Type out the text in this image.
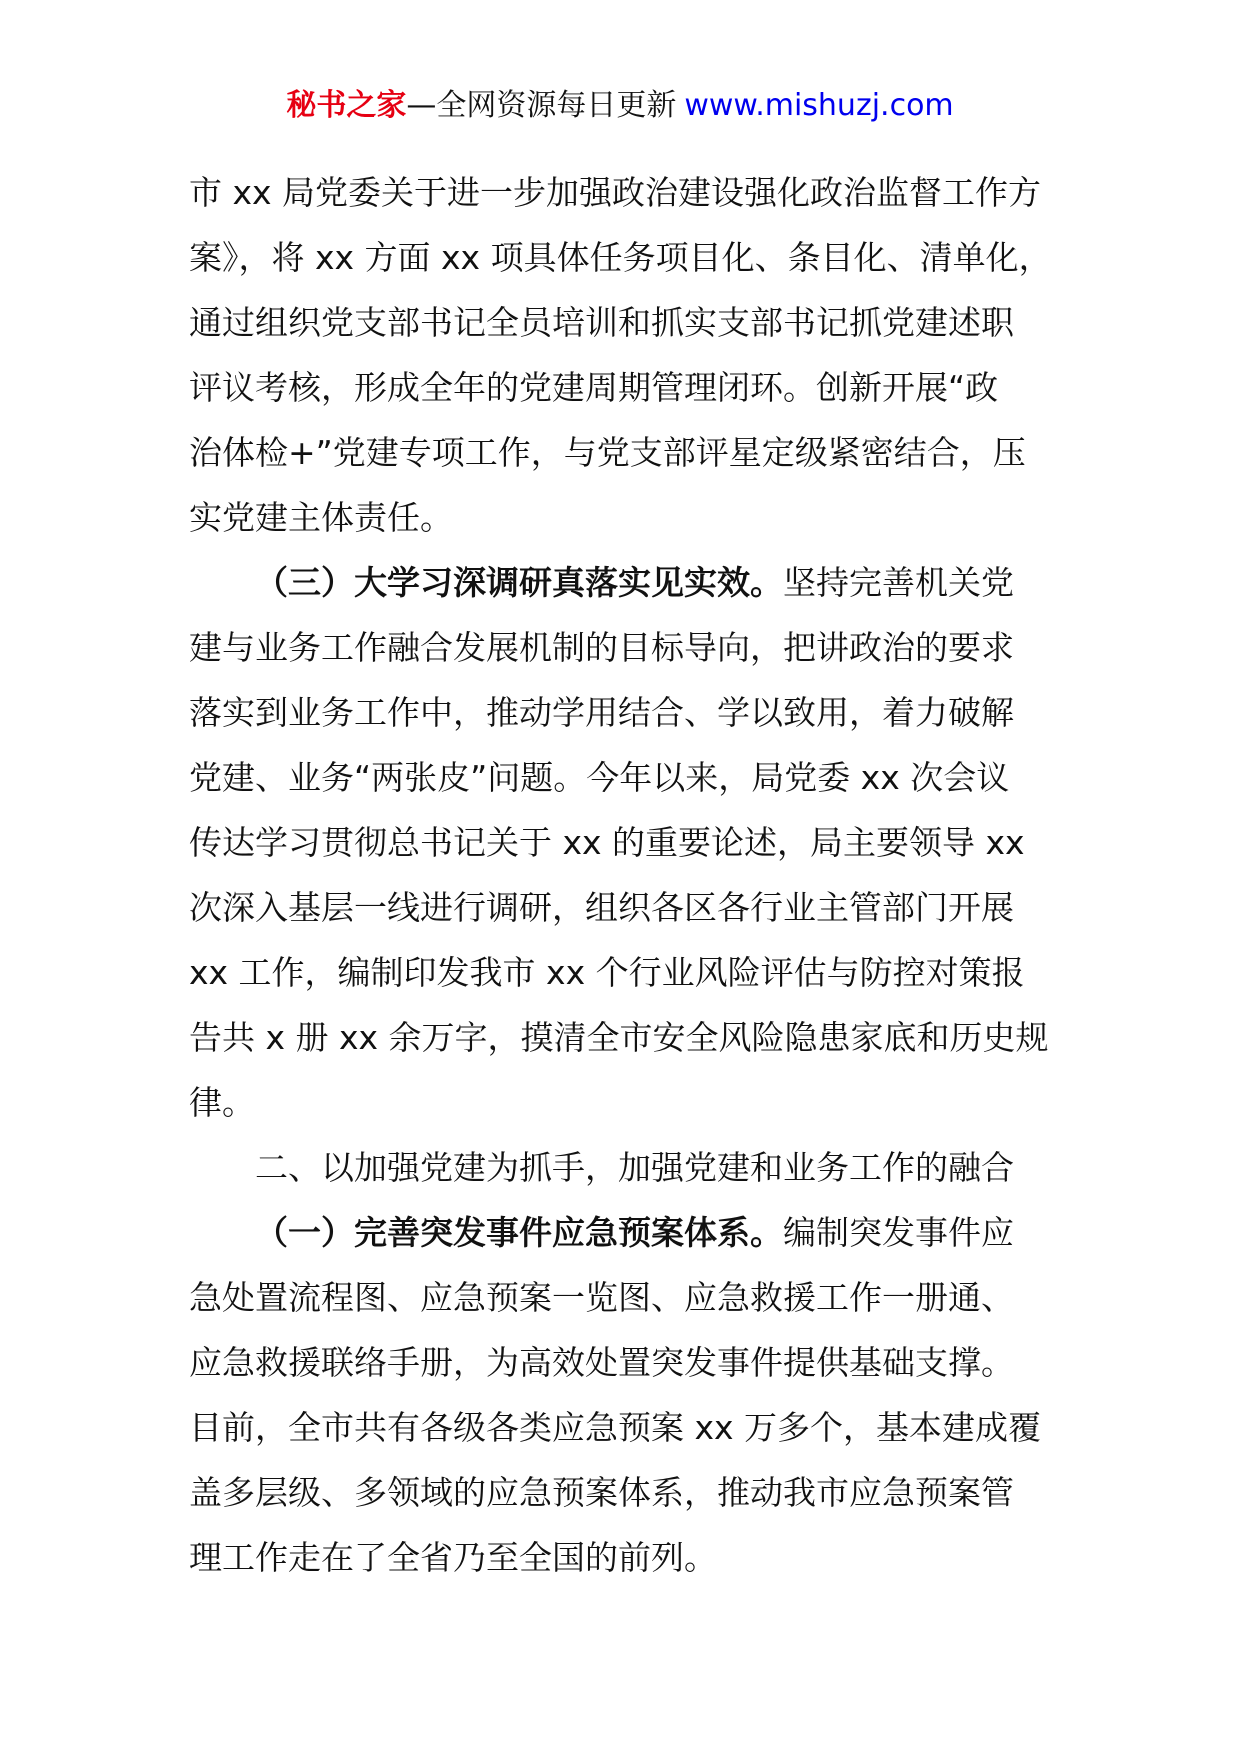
秘书之家—全网资源每日更新 www.mishuzj.com
市 xx 局党委关于进一步加强政治建设强化政治监督工作方
案》，将 xx 方面 xx 项具体任务项目化、条目化、清单化，
通过组织党支部书记全员培训和抓实支部书记抓党建述职
评议考核，形成全年的党建周期管理闭环。创新开展“政
治体检+”党建专项工作，与党支部评星定级紧密结合，压
实党建主体责任。
（三）大学习深调研真落实见实效。坚持完善机关党
建与业务工作融合发展机制的目标导向，把讲政治的要求
落实到业务工作中，推动学用结合、学以致用，着力破解
党建、业务“两张皮”问题。今年以来，局党委 xx 次会议
传达学习贯彻总书记关于 xx 的重要论述，局主要领导 xx
次深入基层一线进行调研，组织各区各行业主管部门开展
xx 工作，编制印发我市 xx 个行业风险评估与防控对策报
告共 x 册 xx 余万字，摸清全市安全风险隐患家底和历史规
律。
二、以加强党建为抓手，加强党建和业务工作的融合
（一）完善突发事件应急预案体系。编制突发事件应
急处置流程图、应急预案一览图、应急救援工作一册通、
应急救援联络手册，为高效处置突发事件提供基础支撑。
目前，全市共有各级各类应急预案 xx 万多个，基本建成覆
盖多层级、多领域的应急预案体系，推动我市应急预案管
理工作走在了全省乃至全国的前列。
